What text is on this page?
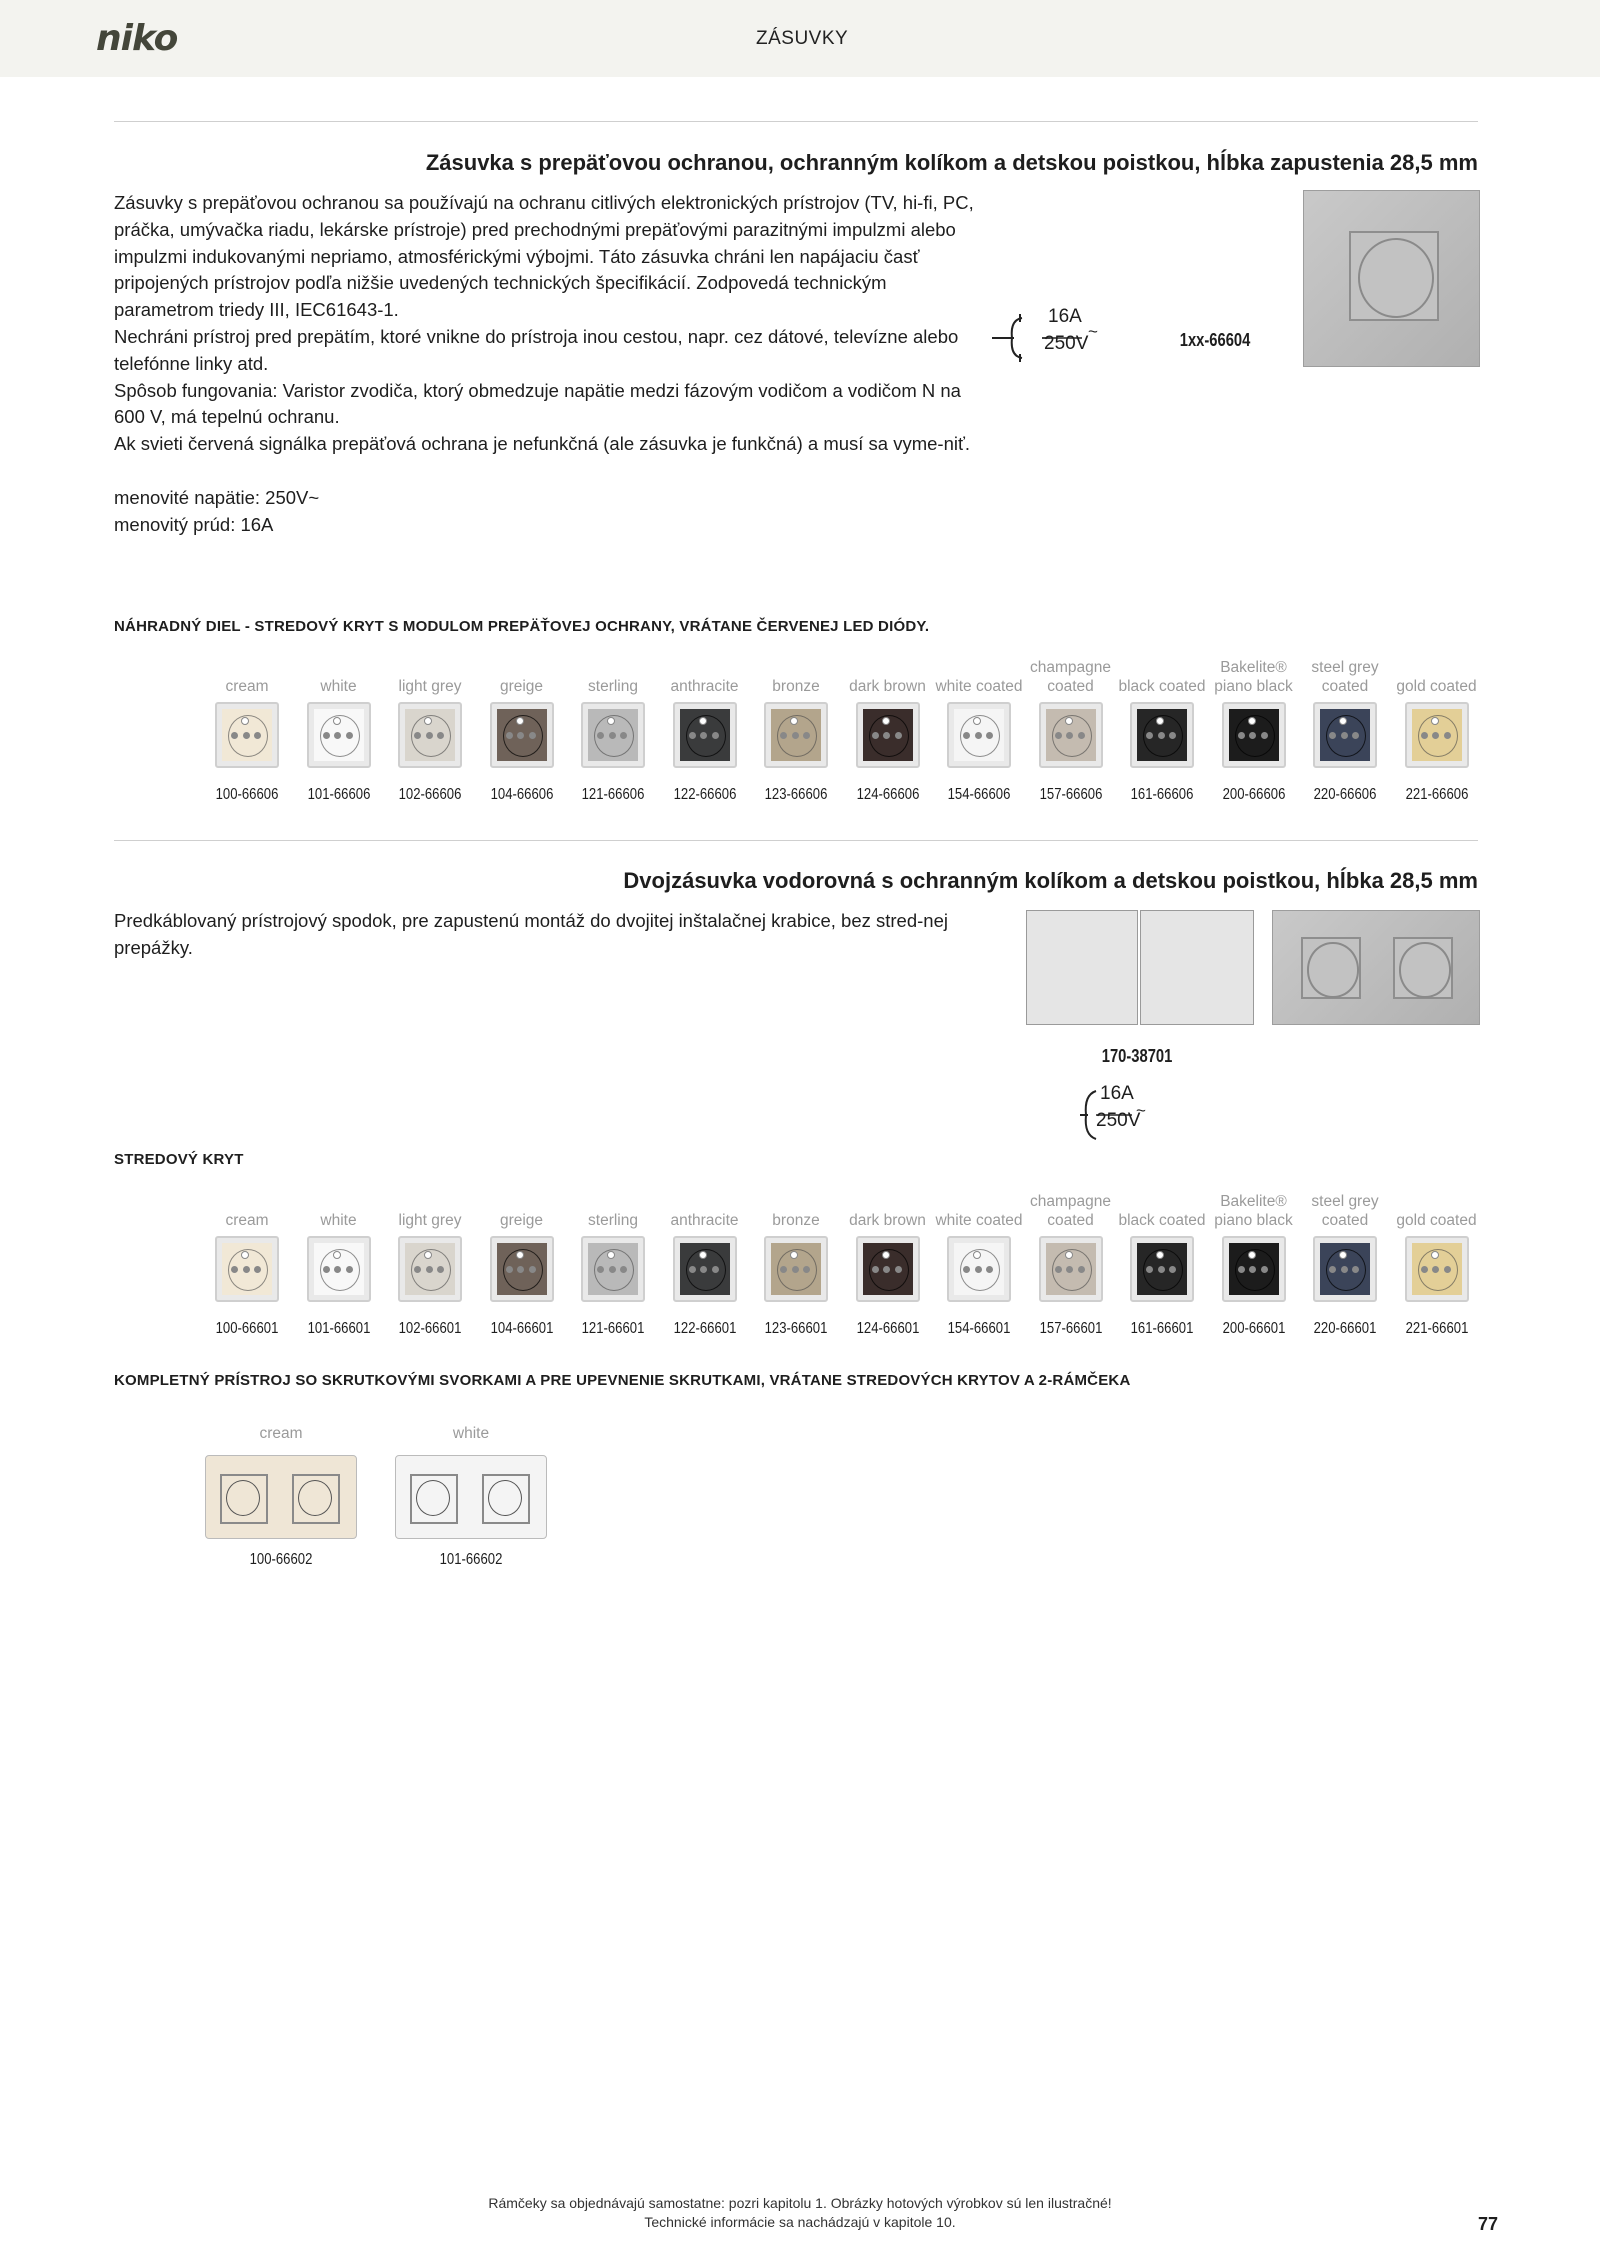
niko	ZÁSUVKY
Zásuvka s prepäťovou ochranou, ochranným kolíkom a detskou poistkou, hĺbka zapustenia 28,5 mm

Zásuvky s prepäťovou ochranou sa používajú na ochranu citlivých elektronických prístrojov (TV, hi-fi, PC, práčka, umývačka riadu, lekárske prístroje) pred prechodnými prepäťovými parazitnými impulzmi alebo impulzmi indukovanými nepriamo, atmosférickými výbojmi. Táto zásuvka chráni len napájaciu časť pripojených prístrojov podľa nižšie uvedených technických špecifikácií. Zodpovedá technickým parametrom triedy III, IEC61643-1.

Nechráni prístroj pred prepätím, ktoré vnikne do prístroja inou cestou, napr. cez dátové, televízne alebo telefónne linky atd.

Spôsob fungovania: Varistor zvodiča, ktorý obmedzuje napätie medzi fázovým vodičom a vodičom N na 600 V, má tepelnú ochranu.

Ak svieti červená signálka prepäťová ochrana je nefunkčná (ale zásuvka je funkčná) a musí sa vyme-niť.

menovité napätie: 250V~

menovitý prúd: 16A

16A
250V
~	1xx-66604
NÁHRADNÝ DIEL - STREDOVÝ KRYT S MODULOM PREPÄŤOVEJ OCHRANY, VRÁTANE ČERVENEJ LED DIÓDY.
cream
100-66606
white
101-66606
light grey
102-66606
greige
104-66606
sterling
121-66606
anthracite
122-66606
bronze
123-66606
dark brown
124-66606
white coated
154-66606
champagne coated
157-66606
black coated
161-66606
Bakelite® piano black
200-66606
steel grey coated
220-66606
gold coated
221-66606
Dvojzásuvka vodorovná s ochranným kolíkom a detskou poistkou, hĺbka 28,5 mm

Predkáblovaný prístrojový spodok, pre zapustenú montáž do dvojitej inštalačnej krabice, bez stred-nej prepážky.

170-38701
16A
250V
~
STREDOVÝ KRYT
cream
100-66601
white
101-66601
light grey
102-66601
greige
104-66601
sterling
121-66601
anthracite
122-66601
bronze
123-66601
dark brown
124-66601
white coated
154-66601
champagne coated
157-66601
black coated
161-66601
Bakelite® piano black
200-66601
steel grey coated
220-66601
gold coated
221-66601
KOMPLETNÝ PRÍSTROJ SO SKRUTKOVÝMI SVORKAMI A PRE UPEVNENIE SKRUTKAMI, VRÁTANE STREDOVÝCH KRYTOV A 2-RÁMČEKA
cream
100-66602
white
101-66602
Rámčeky sa objednávajú samostatne: pozri kapitolu 1. Obrázky hotových výrobkov sú len ilustračné!
Technické informácie sa nachádzajú v kapitole 10.	77
